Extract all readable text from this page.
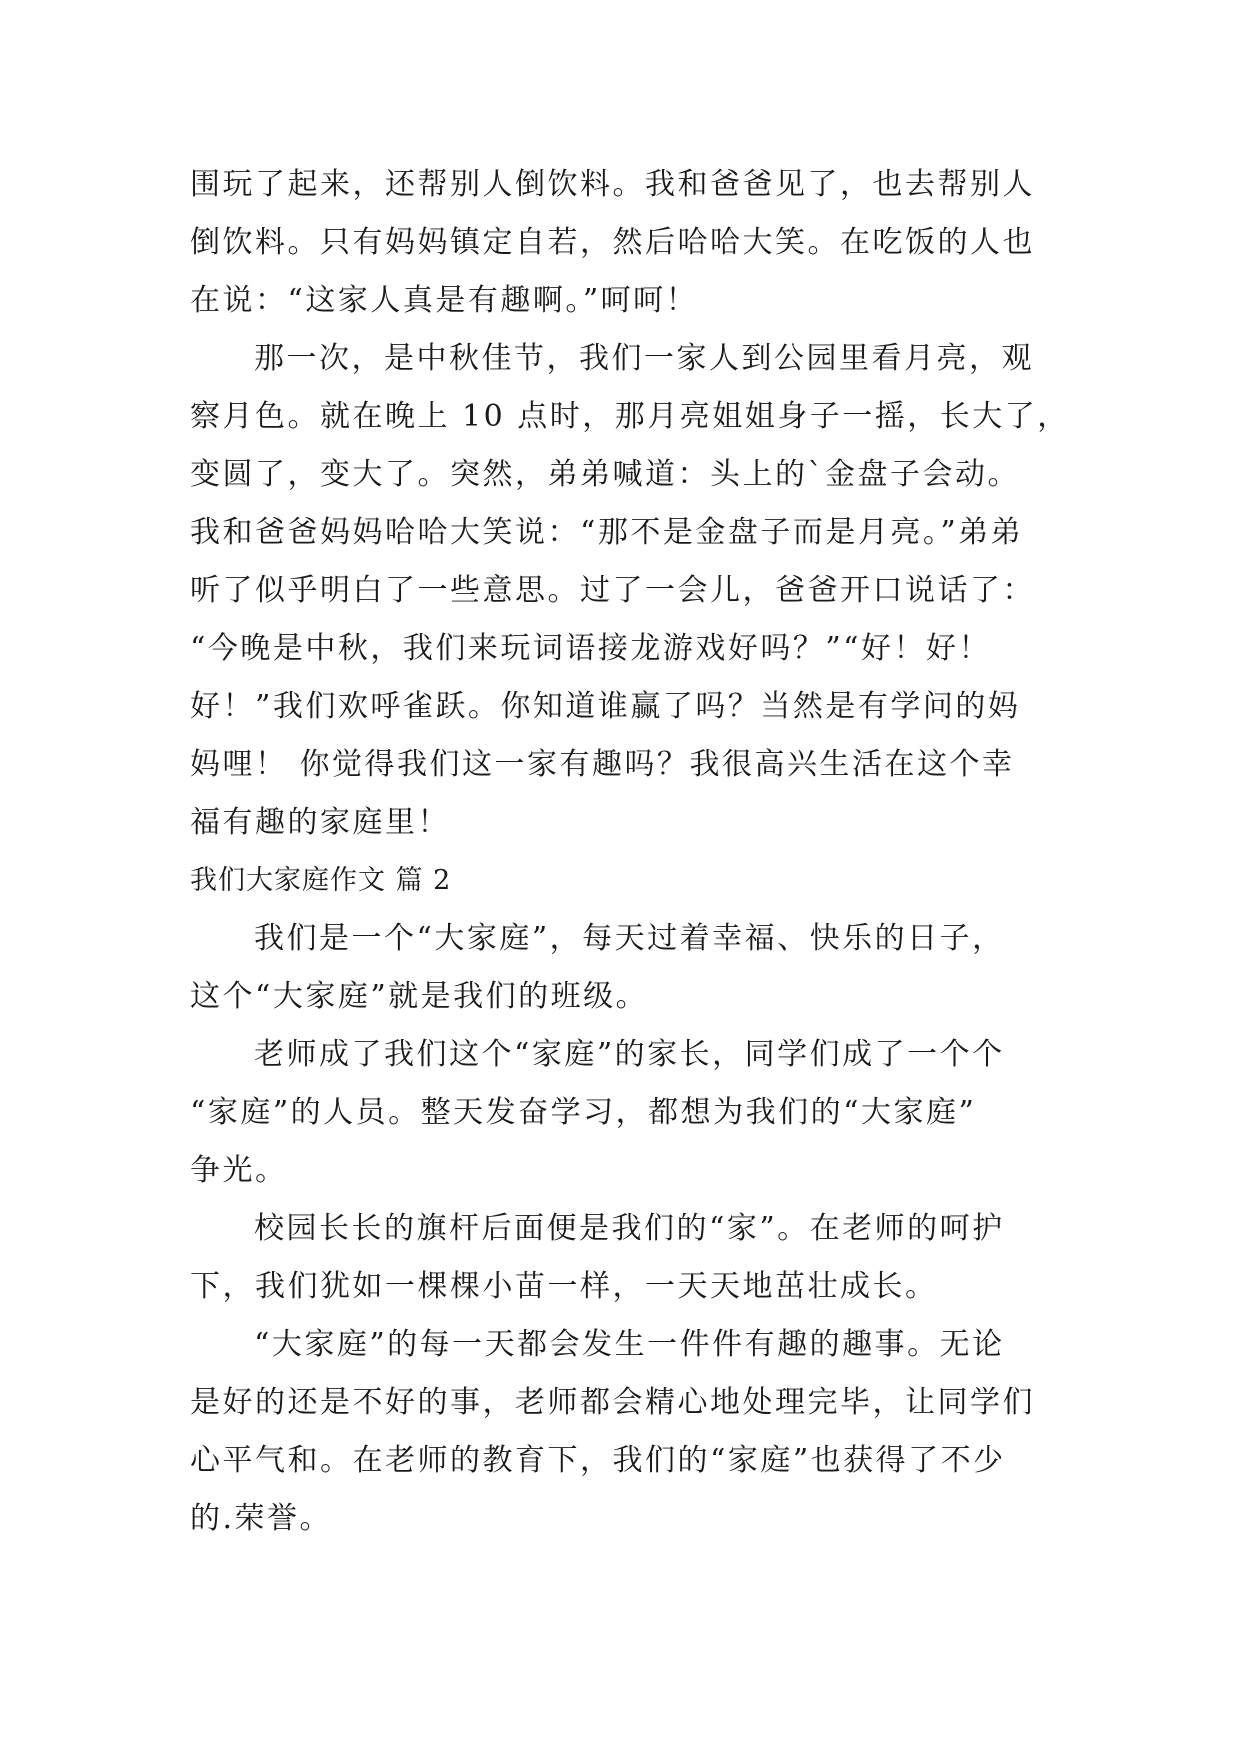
围玩了起来，还帮别人倒饮料。我和爸爸见了，也去帮别人
倒饮料。只有妈妈镇定自若，然后哈哈大笑。在吃饭的人也
在说：“这家人真是有趣啊。”呵呵！
那一次，是中秋佳节，我们一家人到公园里看月亮，观
察月色。就在晚上 10 点时，那月亮姐姐身子一摇，长大了，
变圆了，变大了。突然，弟弟喊道：头上的`金盘子会动。
我和爸爸妈妈哈哈大笑说：“那不是金盘子而是月亮。”弟弟
听了似乎明白了一些意思。过了一会儿，爸爸开口说话了：
“今晚是中秋，我们来玩词语接龙游戏好吗？”“好！好！
好！”我们欢呼雀跃。你知道谁赢了吗？当然是有学问的妈
妈哩！ 你觉得我们这一家有趣吗？我很高兴生活在这个幸
福有趣的家庭里！
我们大家庭作文 篇 2
我们是一个“大家庭”，每天过着幸福、快乐的日子，
这个“大家庭”就是我们的班级。
老师成了我们这个“家庭”的家长，同学们成了一个个
“家庭”的人员。整天发奋学习，都想为我们的“大家庭”
争光。
校园长长的旗杆后面便是我们的“家”。在老师的呵护
下，我们犹如一棵棵小苗一样，一天天地茁壮成长。
“大家庭”的每一天都会发生一件件有趣的趣事。无论
是好的还是不好的事，老师都会精心地处理完毕，让同学们
心平气和。在老师的教育下，我们的“家庭”也获得了不少
的.荣誉。
